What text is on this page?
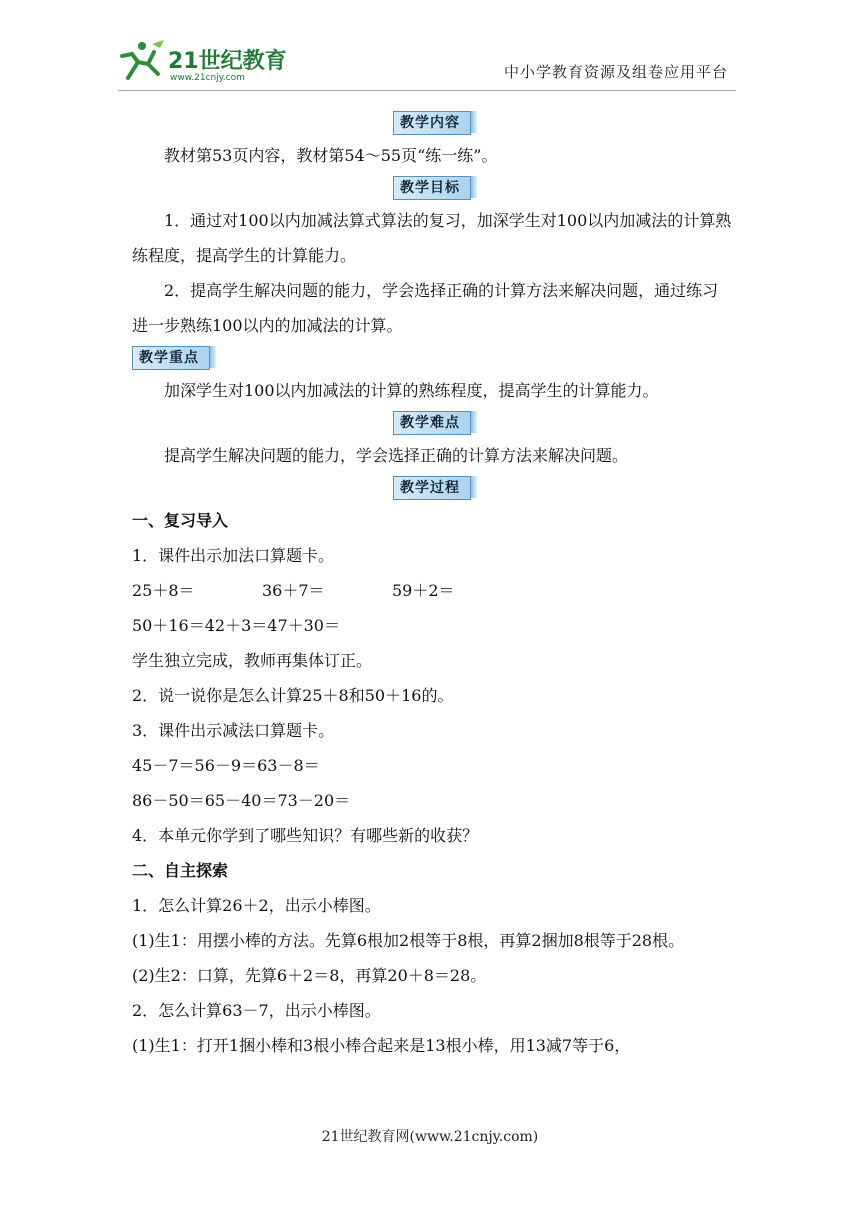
21世纪教育
www.21cnjy.com	中小学教育资源及组卷应用平台
教学内容

教材第53页内容，教材第54～55页“练一练”。

教学目标

1．通过对100以内加减法算式算法的复习，加深学生对100以内加减法的计算熟练程度，提高学生的计算能力。

2．提高学生解决问题的能力，学会选择正确的计算方法来解决问题，通过练习进一步熟练100以内的加减法的计算。

教学重点

加深学生对100以内加减法的计算的熟练程度，提高学生的计算能力。

教学难点

提高学生解决问题的能力，学会选择正确的计算方法来解决问题。

教学过程

一、复习导入

1．课件出示加法口算题卡。

25＋8＝	36＋7＝	59＋2＝

50＋16＝42＋3＝47＋30＝

学生独立完成，教师再集体订正。

2．说一说你是怎么计算25＋8和50＋16的。

3．课件出示减法口算题卡。

45－7＝56－9＝63－8＝

86－50＝65－40＝73－20＝

4．本单元你学到了哪些知识？有哪些新的收获？

二、自主探索

1．怎么计算26＋2，出示小棒图。

(1)生1：用摆小棒的方法。先算6根加2根等于8根，再算2捆加8根等于28根。

(2)生2：口算，先算6＋2＝8，再算20＋8＝28。

2．怎么计算63－7，出示小棒图。

(1)生1：打开1捆小棒和3根小棒合起来是13根小棒，用13减7等于6，

21世纪教育网(www.21cnjy.com)
